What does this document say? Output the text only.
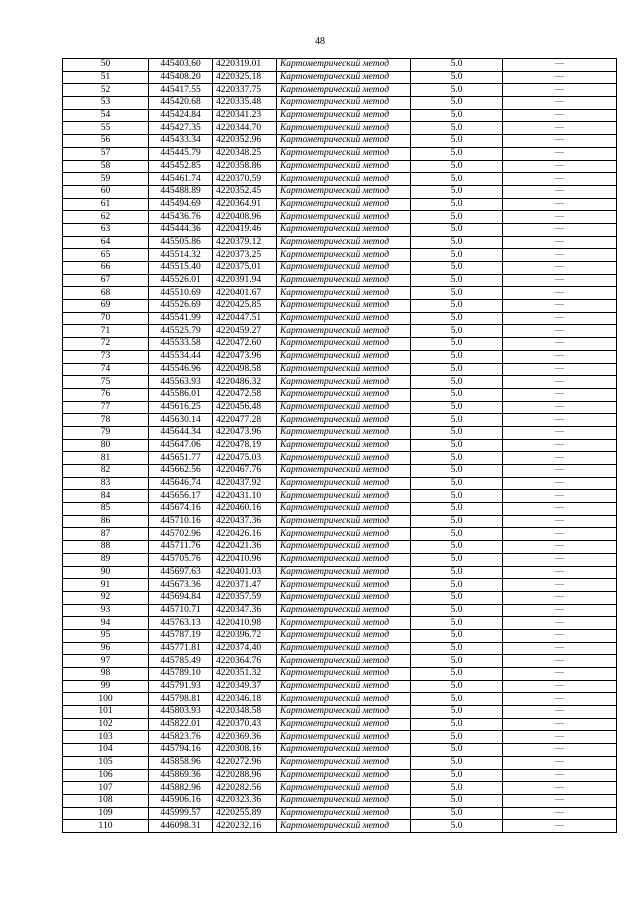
48
50	445403.60	4220319.01	Картометрический метод	5.0	—
51	445408.20	4220325.18	Картометрический метод	5.0	—
52	445417.55	4220337.75	Картометрический метод	5.0	—
53	445420.68	4220335.48	Картометрический метод	5.0	—
54	445424.84	4220341.23	Картометрический метод	5.0	—
55	445427.35	4220344.70	Картометрический метод	5.0	—
56	445433.34	4220352.96	Картометрический метод	5.0	—
57	445445.79	4220348.25	Картометрический метод	5.0	—
58	445452.85	4220358.86	Картометрический метод	5.0	—
59	445461.74	4220370.59	Картометрический метод	5.0	—
60	445488.89	4220352.45	Картометрический метод	5.0	—
61	445494.69	4220364.91	Картометрический метод	5.0	—
62	445436.76	4220408.96	Картометрический метод	5.0	—
63	445444.36	4220419.46	Картометрический метод	5.0	—
64	445505.86	4220379.12	Картометрический метод	5.0	—
65	445514.32	4220373.25	Картометрический метод	5.0	—
66	445515.40	4220375.01	Картометрический метод	5.0	—
67	445526.01	4220391.94	Картометрический метод	5.0	—
68	445510.69	4220401.67	Картометрический метод	5.0	—
69	445526.69	4220425.85	Картометрический метод	5.0	—
70	445541.99	4220447.51	Картометрический метод	5.0	—
71	445525.79	4220459.27	Картометрический метод	5.0	—
72	445533.58	4220472.60	Картометрический метод	5.0	—
73	445534.44	4220473.96	Картометрический метод	5.0	—
74	445546.96	4220498.58	Картометрический метод	5.0	—
75	445563.93	4220486.32	Картометрический метод	5.0	—
76	445586.01	4220472.58	Картометрический метод	5.0	—
77	445616.25	4220456.48	Картометрический метод	5.0	—
78	445630.14	4220477.28	Картометрический метод	5.0	—
79	445644.34	4220473.96	Картометрический метод	5.0	—
80	445647.06	4220478.19	Картометрический метод	5.0	—
81	445651.77	4220475.03	Картометрический метод	5.0	—
82	445662.56	4220467.76	Картометрический метод	5.0	—
83	445646.74	4220437.92	Картометрический метод	5.0	—
84	445656.17	4220431.10	Картометрический метод	5.0	—
85	445674.16	4220460.16	Картометрический метод	5.0	—
86	445710.16	4220437.36	Картометрический метод	5.0	—
87	445702.96	4220426.16	Картометрический метод	5.0	—
88	445711.76	4220421.36	Картометрический метод	5.0	—
89	445705.76	4220410.96	Картометрический метод	5.0	—
90	445697.63	4220401.03	Картометрический метод	5.0	—
91	445673.36	4220371.47	Картометрический метод	5.0	—
92	445694.84	4220357.59	Картометрический метод	5.0	—
93	445710.71	4220347.36	Картометрический метод	5.0	—
94	445763.13	4220410.98	Картометрический метод	5.0	—
95	445787.19	4220396.72	Картометрический метод	5.0	—
96	445771.81	4220374.40	Картометрический метод	5.0	—
97	445785.49	4220364.76	Картометрический метод	5.0	—
98	445789.10	4220351.32	Картометрический метод	5.0	—
99	445791.93	4220349.37	Картометрический метод	5.0	—
100	445798.81	4220346.18	Картометрический метод	5.0	—
101	445803.93	4220348.58	Картометрический метод	5.0	—
102	445822.01	4220370.43	Картометрический метод	5.0	—
103	445823.76	4220369.36	Картометрический метод	5.0	—
104	445794.16	4220308.16	Картометрический метод	5.0	—
105	445858.96	4220272.96	Картометрический метод	5.0	—
106	445869.36	4220288.96	Картометрический метод	5.0	—
107	445882.96	4220282.56	Картометрический метод	5.0	—
108	445906.16	4220323.36	Картометрический метод	5.0	—
109	445999.57	4220255.89	Картометрический метод	5.0	—
110	446098.31	4220232.16	Картометрический метод	5.0	—
